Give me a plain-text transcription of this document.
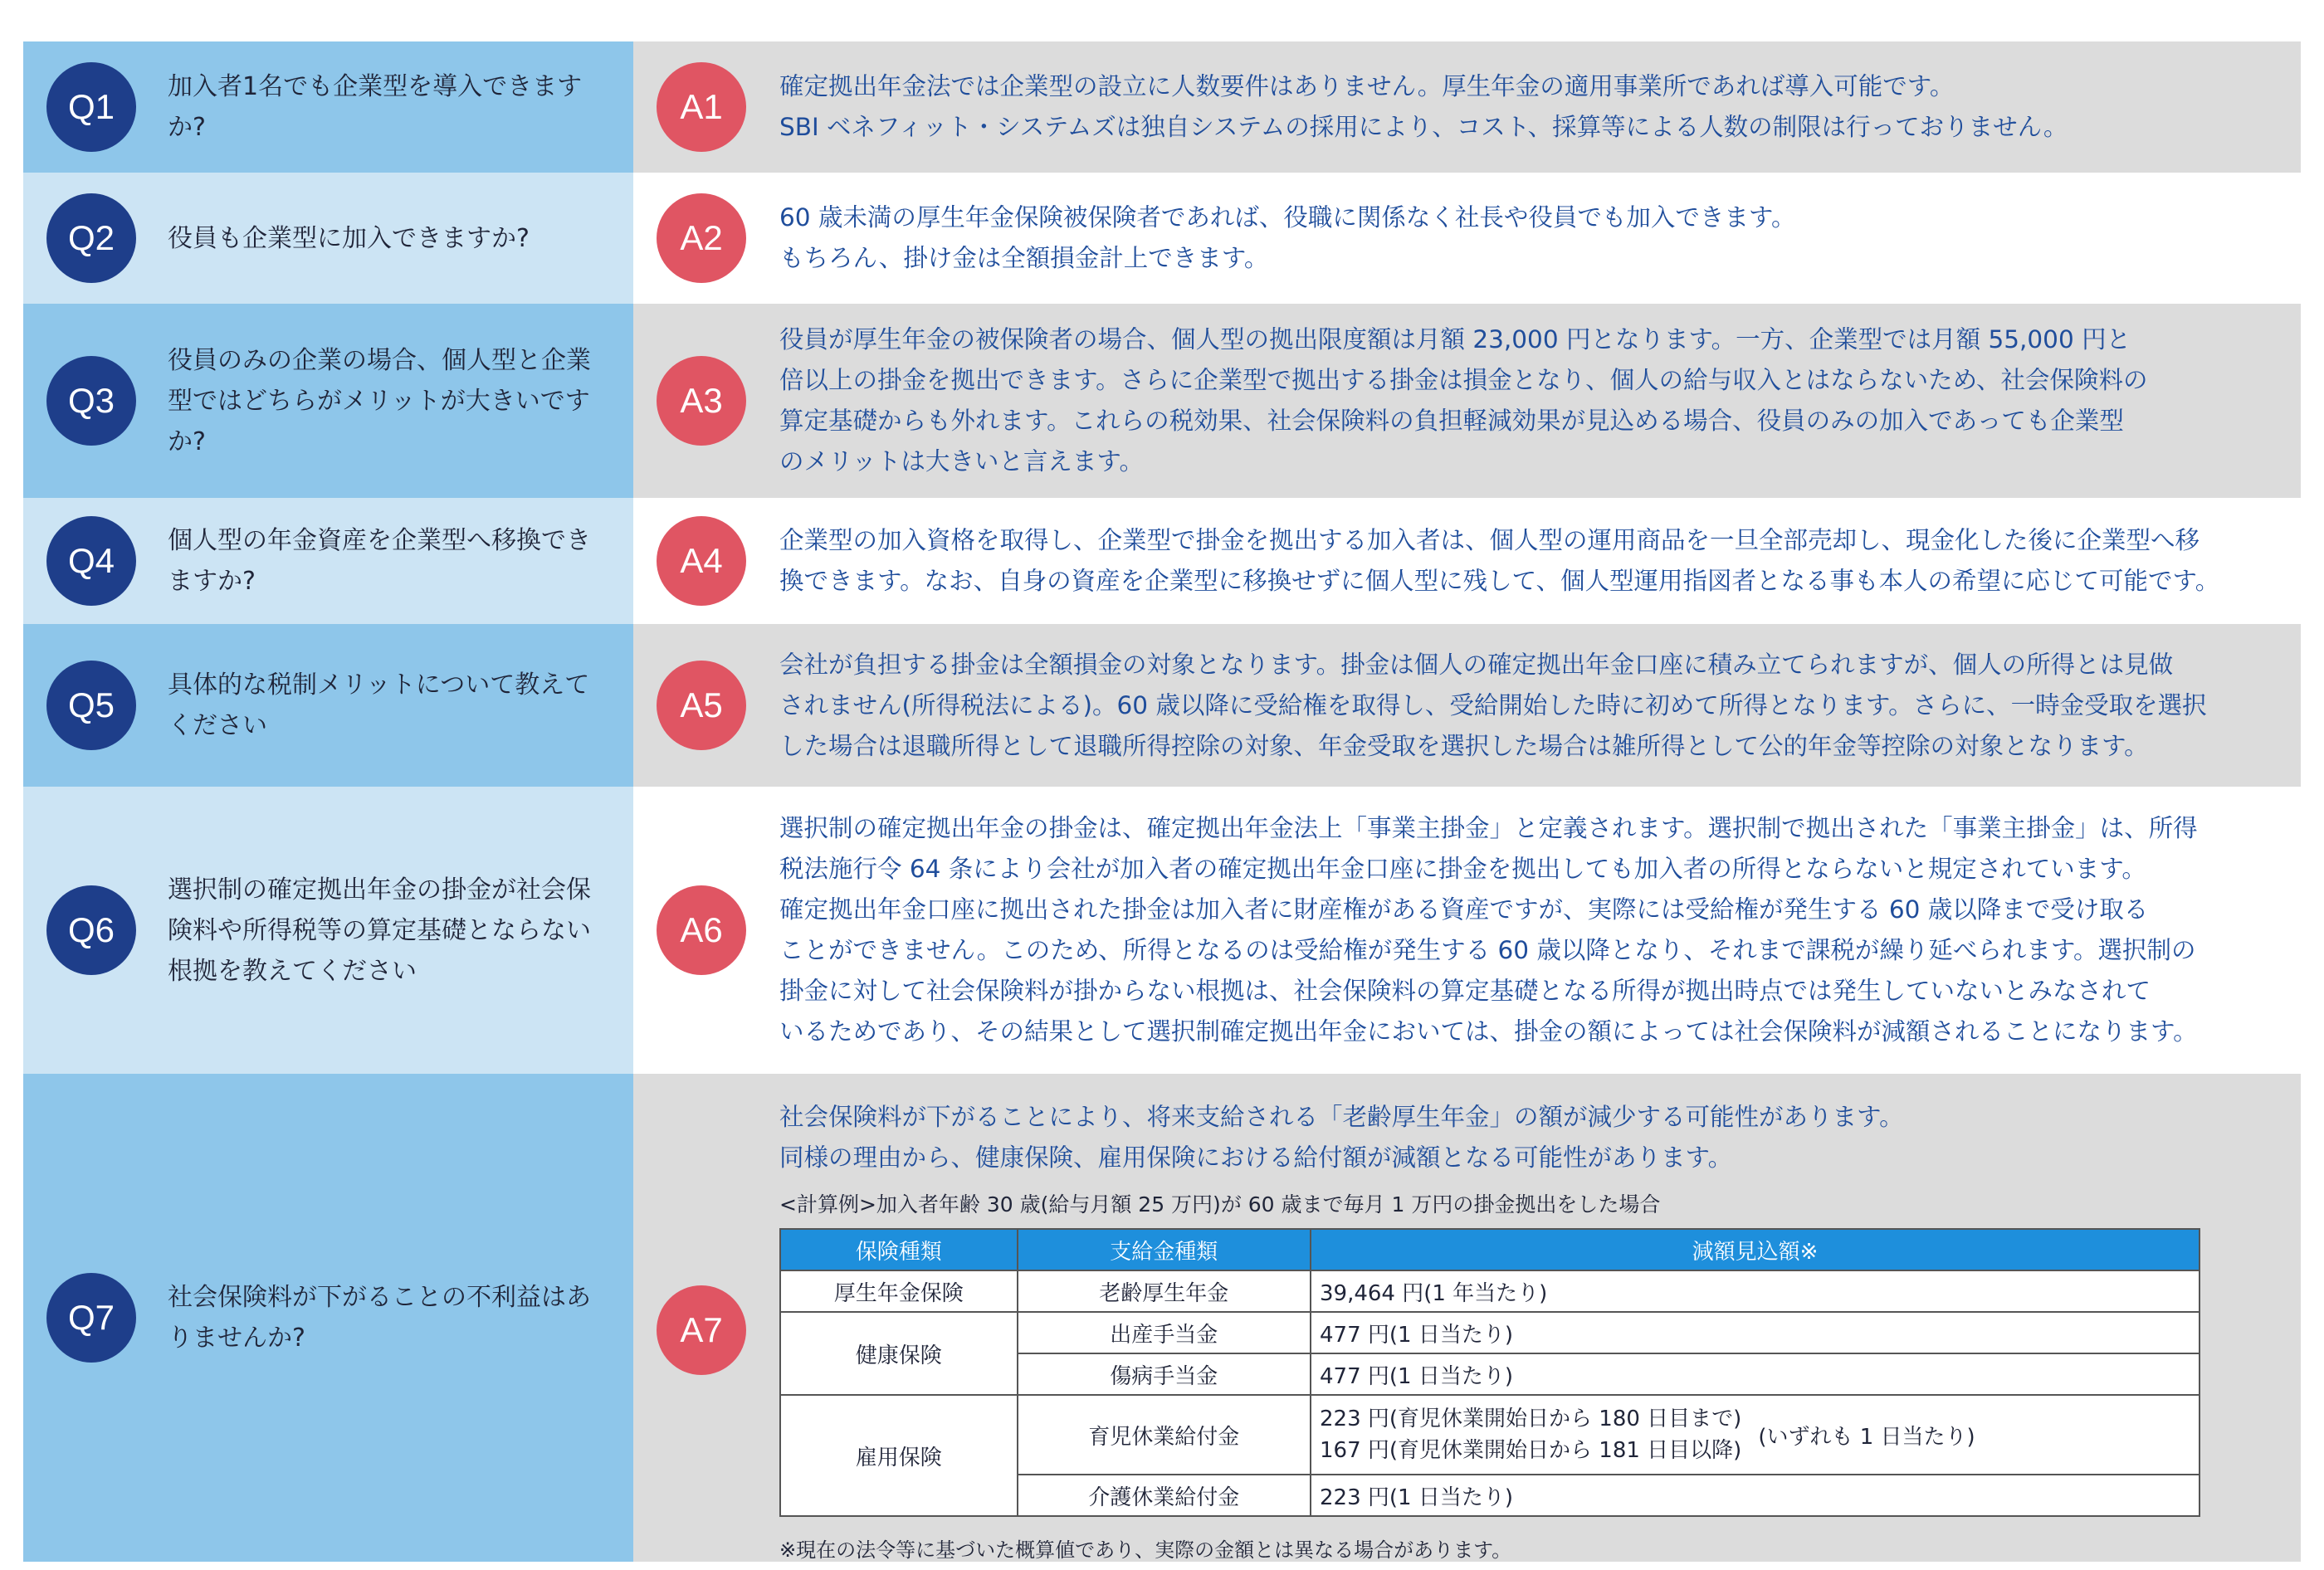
Q1
加入者1名でも企業型を導入できますか?
A1

確定拠出年金法では企業型の設立に人数要件はありません。厚生年金の適用事業所であれば導入可能です。

SBI ベネフィット・システムズは独自システムの採用により、コスト、採算等による人数の制限は行っておりません。

Q2	役員も企業型に加入できますか?	A2

60 歳未満の厚生年金保険被保険者であれば、役職に関係なく社長や役員でも加入できます。

もちろん、掛け金は全額損金計上できます。

Q3
役員のみの企業の場合、個人型と企業型ではどちらがメリットが大きいですか?
A3

役員が厚生年金の被保険者の場合、個人型の拠出限度額は月額 23,000 円となります。一方、企業型では月額 55,000 円と

倍以上の掛金を拠出できます。さらに企業型で拠出する掛金は損金となり、個人の給与収入とはならないため、社会保険料の

算定基礎からも外れます。これらの税効果、社会保険料の負担軽減効果が見込める場合、役員のみの加入であっても企業型

のメリットは大きいと言えます。

Q4
個人型の年金資産を企業型へ移換できますか?
A4

企業型の加入資格を取得し、企業型で掛金を拠出する加入者は、個人型の運用商品を一旦全部売却し、現金化した後に企業型へ移

換できます。なお、自身の資産を企業型に移換せずに個人型に残して、個人型運用指図者となる事も本人の希望に応じて可能です。

Q5
具体的な税制メリットについて教えてください
A5

会社が負担する掛金は全額損金の対象となります。掛金は個人の確定拠出年金口座に積み立てられますが、個人の所得とは見做

されません(所得税法による)。60 歳以降に受給権を取得し、受給開始した時に初めて所得となります。さらに、一時金受取を選択

した場合は退職所得として退職所得控除の対象、年金受取を選択した場合は雑所得として公的年金等控除の対象となります。

Q6
選択制の確定拠出年金の掛金が社会保険料や所得税等の算定基礎とならない根拠を教えてください
A6

選択制の確定拠出年金の掛金は、確定拠出年金法上「事業主掛金」と定義されます。選択制で拠出された「事業主掛金」は、所得

税法施行令 64 条により会社が加入者の確定拠出年金口座に掛金を拠出しても加入者の所得とならないと規定されています。

確定拠出年金口座に拠出された掛金は加入者に財産権がある資産ですが、実際には受給権が発生する 60 歳以降まで受け取る

ことができません。このため、所得となるのは受給権が発生する 60 歳以降となり、それまで課税が繰り延べられます。選択制の

掛金に対して社会保険料が掛からない根拠は、社会保険料の算定基礎となる所得が拠出時点では発生していないとみなされて

いるためであり、その結果として選択制確定拠出年金においては、掛金の額によっては社会保険料が減額されることになります。

Q7
社会保険料が下がることの不利益はありませんか?	A7

社会保険料が下がることにより、将来支給される「老齢厚生年金」の額が減少する可能性があります。

同様の理由から、健康保険、雇用保険における給付額が減額となる可能性があります。

<計算例>加入者年齢 30 歳(給与月額 25 万円)が 60 歳まで毎月 1 万円の掛金拠出をした場合
保険種類	支給金種類	減額見込額※
厚生年金保険	老齢厚生年金	39,464 円(1 年当たり)
健康保険	出産手当金	477 円(1 日当たり)
	傷病手当金	477 円(1 日当たり)
雇用保険	育児休業給付金	223 円(育児休業開始日から 180 日目まで)
167 円(育児休業開始日から 181 日目以降)
(いずれも 1 日当たり)

	介護休業給付金	223 円(1 日当たり)
※現在の法令等に基づいた概算値であり、実際の金額とは異なる場合があります。
